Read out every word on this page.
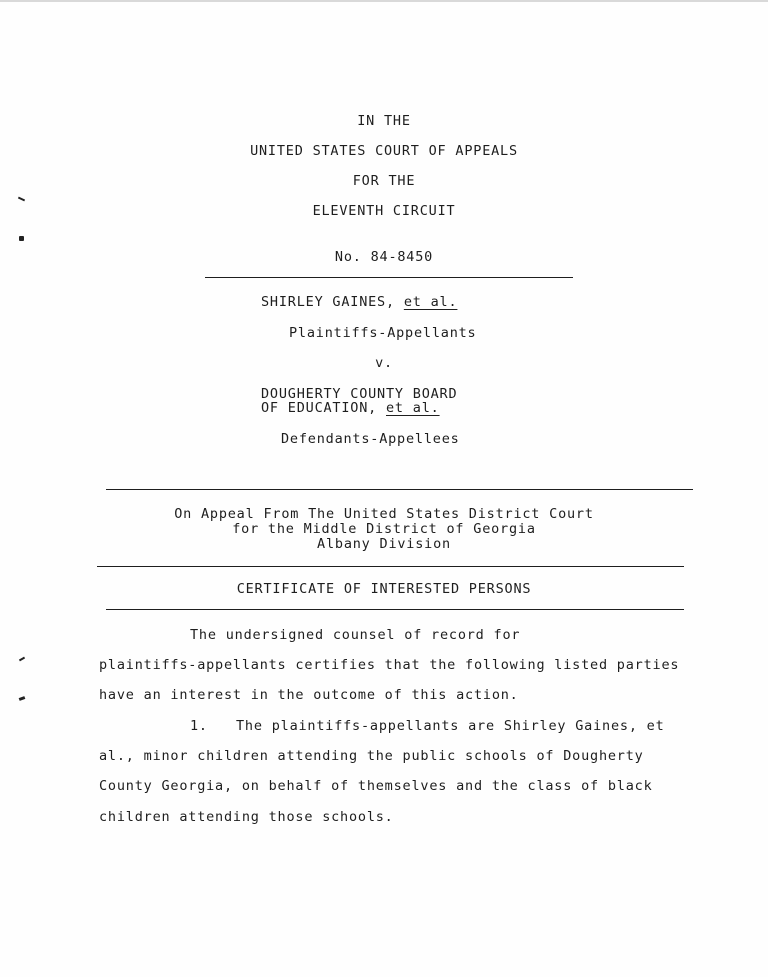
IN THE
UNITED STATES COURT OF APPEALS
FOR THE
ELEVENTH CIRCUIT
No. 84-8450
SHIRLEY GAINES, et al.
Plaintiffs-Appellants
v.
DOUGHERTY COUNTY BOARD
OF EDUCATION, et al.
Defendants-Appellees
On Appeal From The United States District Court
for the Middle District of Georgia
Albany Division
CERTIFICATE OF INTERESTED PERSONS
The undersigned counsel of record for
plaintiffs-appellants certifies that the following listed parties
have an interest in the outcome of this action.
1. The plaintiffs-appellants are Shirley Gaines, et
al., minor children attending the public schools of Dougherty
County Georgia, on behalf of themselves and the class of black
children attending those schools.
